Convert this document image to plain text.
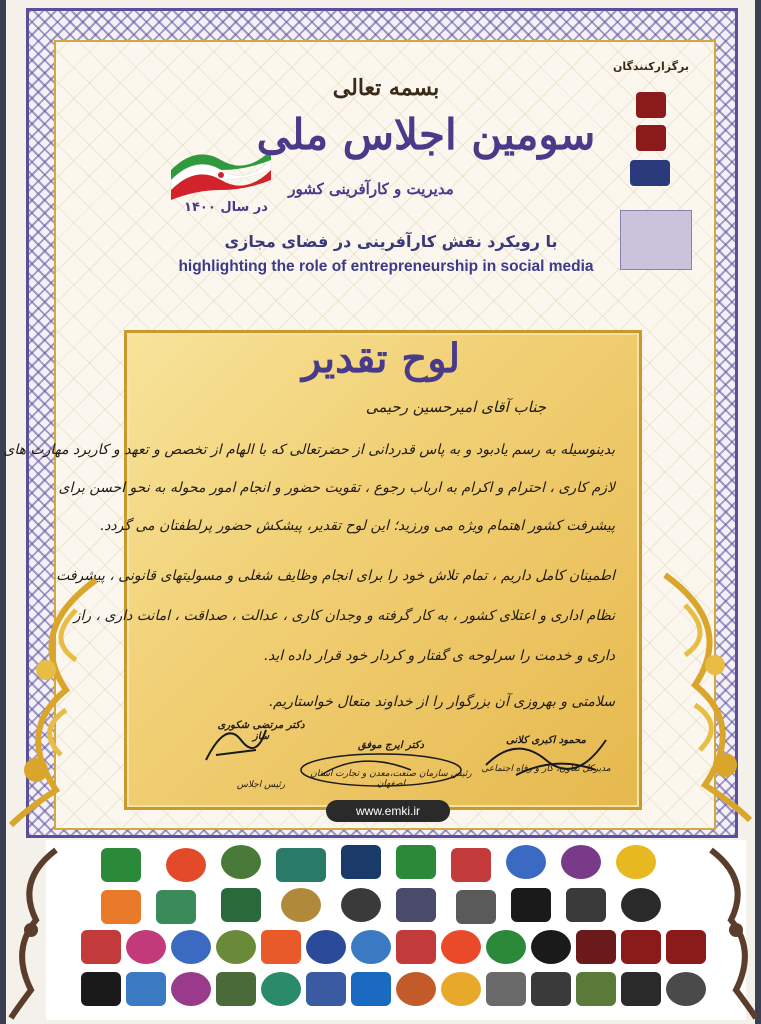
بسمه تعالی
سومین اجلاس ملی
مدیریت و کارآفرینی کشور
در سال ۱۴۰۰
با رویکرد نقش کارآفرینی در فضای مجازی
highlighting the role of entrepreneurship in social media
برگزارکنندگان
لوح تقدیر
جناب آقای امیرحسین رحیمی
بدینوسیله به رسم یادبود و به پاس قدردانی از حضرتعالی که با الهام از تخصص و تعهد و کاربرد مهارت های
لازم کاری ، احترام و اکرام به ارباب رجوع ، تقویت حضور و انجام امور محوله به نحو احسن برای
پیشرفت کشور اهتمام ویژه می ورزید؛ این لوح تقدیر، پیشکش حضور پرلطفتان می گردد.
اطمینان کامل داریم ، تمام تلاش خود را برای انجام وظایف شغلی و مسولیتهای قانونی ، پیشرفت
نظام اداری و اعتلای کشور ، به کار گرفته و وجدان کاری ، عدالت ، صداقت ، امانت داری ، راز
داری و خدمت را سرلوحه ی گفتار و کردار خود قرار داده اید.
سلامتی و بهروزی آن بزرگوار را از خداوند متعال خواستاریم.
دکتر مرتضی شکوری ساز
رئیس اجلاس
دکتر ایرج موفق
رئیس سازمان صنعت،معدن و تجارت استان اصفهان
محمود اکبری کلانی
مدیرکل تعاون، کار و رفاه اجتماعی
www.emki.ir
